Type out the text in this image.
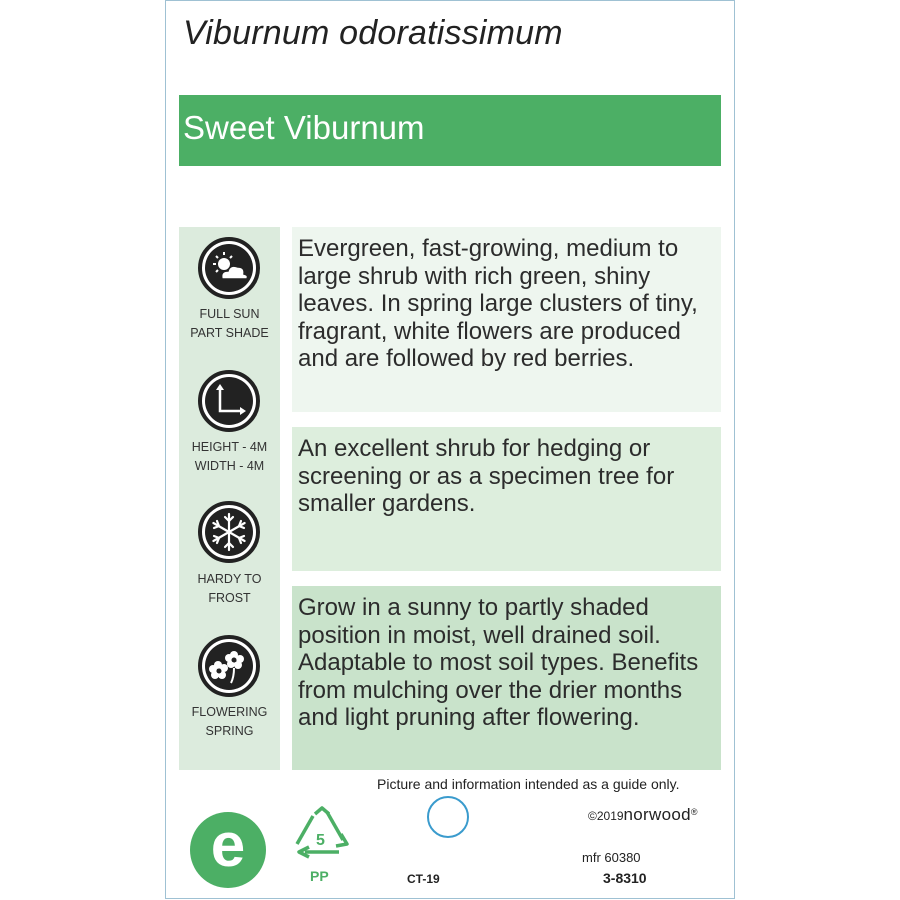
Viburnum odoratissimum
Sweet Viburnum
FULL SUN
PART SHADE
HEIGHT - 4M
WIDTH - 4M
HARDY TO
FROST
FLOWERING
SPRING
Evergreen, fast-growing, medium to large shrub with rich green, shiny leaves. In spring large clusters of tiny, fragrant, white flowers are produced and are followed by red berries.
An excellent shrub for hedging or screening or as a specimen tree for smaller gardens.
Grow in a sunny to partly shaded position in moist, well drained soil. Adaptable to most soil types. Benefits from mulching over the drier months and light pruning after flowering.
Picture and information intended as a guide only.
©2019norwood®
e	5
PP	CT-19
mfr 60380
3-8310
